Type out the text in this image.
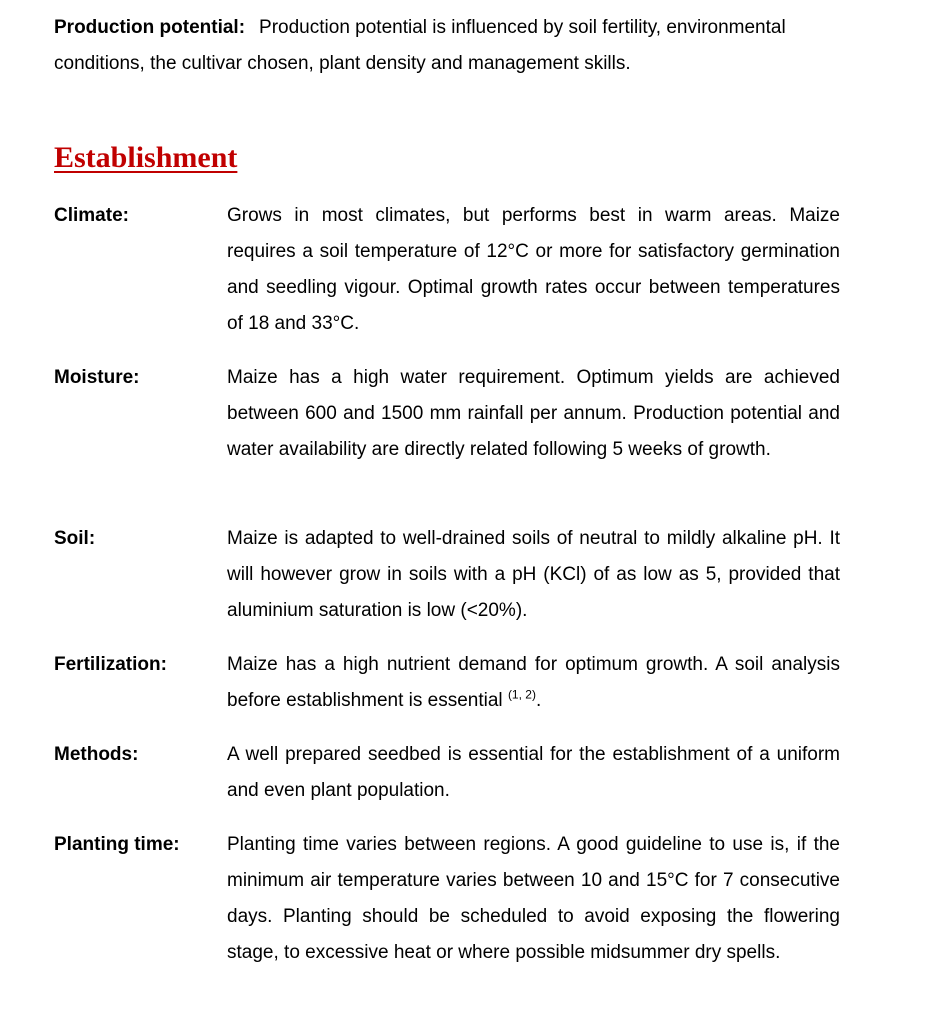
Production potential: Production potential is influenced by soil fertility, environmental conditions, the cultivar chosen, plant density and management skills.

Establishment
Climate:	Grows in most climates, but performs best in warm areas. Maize requires a soil temperature of 12°C or more for satisfactory germination and seedling vigour. Optimal growth rates occur between temperatures of 18 and 33°C.

Moisture:	Maize has a high water requirement. Optimum yields are achieved between 600 and 1500 mm rainfall per annum. Production potential and water availability are directly related following 5 weeks of growth.

Soil:	Maize is adapted to well-drained soils of neutral to mildly alkaline pH. It will however grow in soils with a pH (KCl) of as low as 5, provided that aluminium saturation is low (<20%).

Fertilization:	Maize has a high nutrient demand for optimum growth. A soil analysis before establishment is essential $^{(1, 2)}$.

Methods:	A well prepared seedbed is essential for the establishment of a uniform and even plant population.

Planting time:	Planting time varies between regions. A good guideline to use is, if the minimum air temperature varies between 10 and 15°C for 7 consecutive days. Planting should be scheduled to avoid exposing the flowering stage, to excessive heat or where possible midsummer dry spells.
